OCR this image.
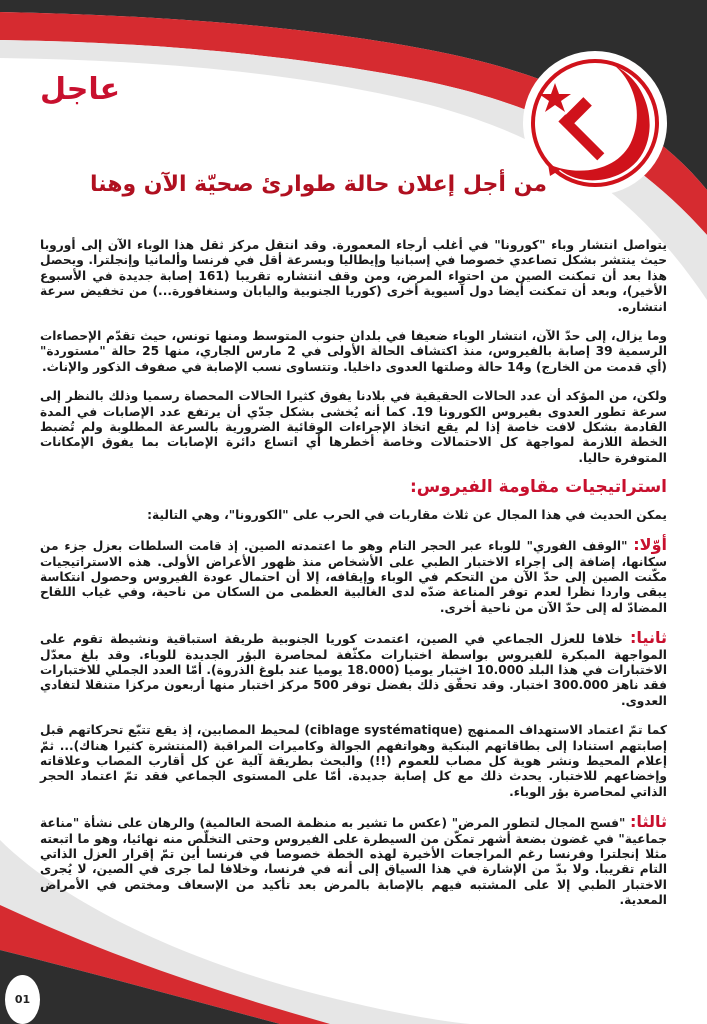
عاجل
من أجل إعلان حالة طوارئ صحيّة الآن وهنا

يتواصل انتشار وباء "كورونا" في أغلب أرجاء المعمورة. وقد انتقل مركز ثقل هذا الوباء الآن إلى أوروبا حيث ينتشر بشكل تصاعدي خصوصا في إسبانيا وإيطاليا وبسرعة أقل في فرنسا وألمانيا وإنجلترا. ويحصل هذا بعد أن تمكنت الصين من احتواء المرض، ومن وقف انتشاره تقريبا (161 إصابة جديدة في الأسبوع الأخير)، وبعد أن تمكنت أيضا دول آسيوية أخرى (كوريا الجنوبية واليابان وسنغافورة...) من تخفيض سرعة انتشاره.

وما يزال، إلى حدّ الآن، انتشار الوباء ضعيفا في بلدان جنوب المتوسط ومنها تونس، حيث تقدّم الإحصاءات الرسمية 39 إصابة بالفيروس، منذ اكتشاف الحالة الأولى في 2 مارس الجاري، منها 25 حالة "مستوردة" (أي قدمت من الخارج) و14 حالة وصلتها العدوى داخليا. وتتساوى نسب الإصابة في صفوف الذكور والإناث.

ولكن، من المؤكد أن عدد الحالات الحقيقية في بلادنا يفوق كثيرا الحالات المحصاة رسميا وذلك بالنظر إلى سرعة تطور العدوى بفيروس الكورونا 19. كما أنه يُخشى بشكل جدّي أن يرتفع عدد الإصابات في المدة القادمة بشكل لافت خاصة إذا لم يقع اتخاذ الإجراءات الوقائية الضرورية بالسرعة المطلوبة ولم تُضبط الخطة اللازمة لمواجهة كل الاحتمالات وخاصة أخطرها أي اتساع دائرة الإصابات بما يفوق الإمكانات المتوفرة حاليا.

استراتيجيات مقاومة الفيروس:

يمكن الحديث في هذا المجال عن ثلاث مقاربات في الحرب على "الكورونا"، وهي التالية:

أوّلا: "الوقف الفوري" للوباء عبر الحجر التام وهو ما اعتمدته الصين. إذ قامت السلطات بعزل جزء من سكانها، إضافة إلى إجراء الاختبار الطبي على الأشخاص منذ ظهور الأعراض الأولى. هذه الاستراتيجيات مكّنت الصين إلى حدّ الآن من التحكم في الوباء وإيقافه، إلا أن احتمال عودة الفيروس وحصول انتكاسة يبقى واردا نظرا لعدم توفر المناعة ضدّه لدى الغالبية العظمى من السكان من ناحية، وفي غياب اللقاح المضادّ له إلى حدّ الآن من ناحية أخرى.

ثانيا: خلافا للعزل الجماعي في الصين، اعتمدت كوريا الجنوبية طريقة استباقية ونشيطة تقوم على المواجهة المبكرة للفيروس بواسطة اختبارات مكثّفة لمحاصرة البؤر الجديدة للوباء. وقد بلغ معدّل الاختبارات في هذا البلد 10.000 اختبار يوميا (18.000 يوميا عند بلوغ الذروة). أمّا العدد الجملي للاختبارات فقد ناهز 300.000 اختبار. وقد تحقّق ذلك بفضل توفر 500 مركز اختبار منها أربعون مركزا متنقلا لتفادي العدوى.

كما تمّ اعتماد الاستهداف الممنهج (ciblage systématique) لمحيط المصابين، إذ يقع تتبّع تحركاتهم قبل إصابتهم استنادا إلى بطاقاتهم البنكية وهواتفهم الجوالة وكاميرات المراقبة (المنتشرة كثيرا هناك)... ثمّ إعلام المحيط ونشر هوية كل مصاب للعموم (!!) والبحث بطريقة آلية عن كل أقارب المصاب وعلاقاته وإخضاعهم للاختبار. يحدث ذلك مع كل إصابة جديدة. أمّا على المستوى الجماعي فقد تمّ اعتماد الحجر الذاتي لمحاصرة بؤر الوباء.

ثالثا: "فسح المجال لتطور المرض" (عكس ما تشير به منظمة الصحة العالمية) والرهان على نشأة "مناعة جماعية" في غضون بضعة أشهر تمكّن من السيطرة على الفيروس وحتى التخلّص منه نهائيا، وهو ما اتبعته مثلا إنجلترا وفرنسا رغم المراجعات الأخيرة لهذه الخطة خصوصا في فرنسا أين تمّ إقرار العزل الذاتي التام تقريبا. ولا بدّ من الإشارة في هذا السياق إلى أنه في فرنسا، وخلافا لما جرى في الصين، لا يُجرى الاختبار الطبي إلا على المشتبه فيهم بالإصابة بالمرض بعد تأكيد من الإسعاف ومختص في الأمراض المعدية.

01
